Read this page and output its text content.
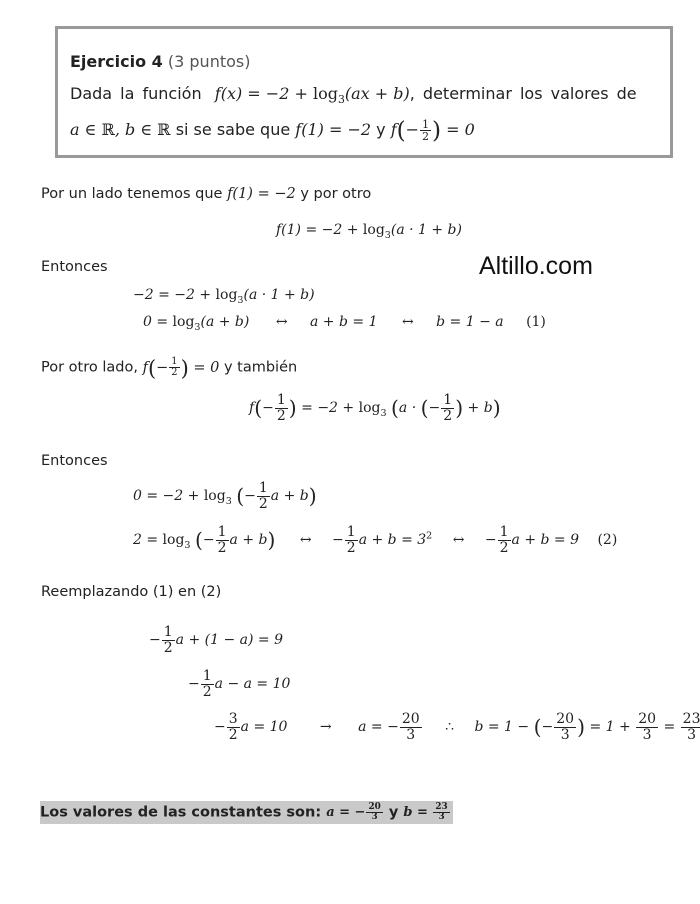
Ejercicio 4 (3 puntos)
Dada la función  $f(x) = -2 + \log_3(ax + b)$, determinar los valores de
a ∈ ℝ, b ∈ ℝ si se sabe que f(1) = −2 y $f(- \frac{1}{2}$ ) = 0
Por un lado tenemos que f(1) = −2 y por otro
$f(1) = -2 + \log_3(a \cdot 1 + b)$
Entonces	Altillo.com
$-2 = -2 + \log_3(a \cdot 1 + b)$
$0 = \log_3(a + b)$ ↔ a + b = 1 ↔ b = 1 − a (1)
Por otro lado, $f(- \frac{1}{2}$ ) = 0 y también
$f(- \frac{1}{2}$ ) = $-2 + \log_3 (a$ · (− $\frac{1}{2}$ ) + b)
Entonces
$0 = -2 + \log_3$ (− $\frac{1}{2}$ a + b)
$2 = \log_3$ (− $\frac{1}{2}$ a + b) ↔ − $\frac{1}{2}$ $a + b = 3^2$ ↔ − $\frac{1}{2}$ a + b = 9 (2)
Reemplazando (1) en (2)
− $\frac{1}{2}$ a + (1 − a) = 9
− $\frac{1}{2}$ a − a = 10
− $\frac{3}{2}$ a = 10 → a = − $\frac{20}{3}$ ∴ b = 1 − (− $\frac{20}{3}$ ) = $1 + \frac{20}{3} = \frac{23}{3}$
Los valores de las constantes son: a = − $\frac{20}{3}$ y $b = \frac{23}{3}$
